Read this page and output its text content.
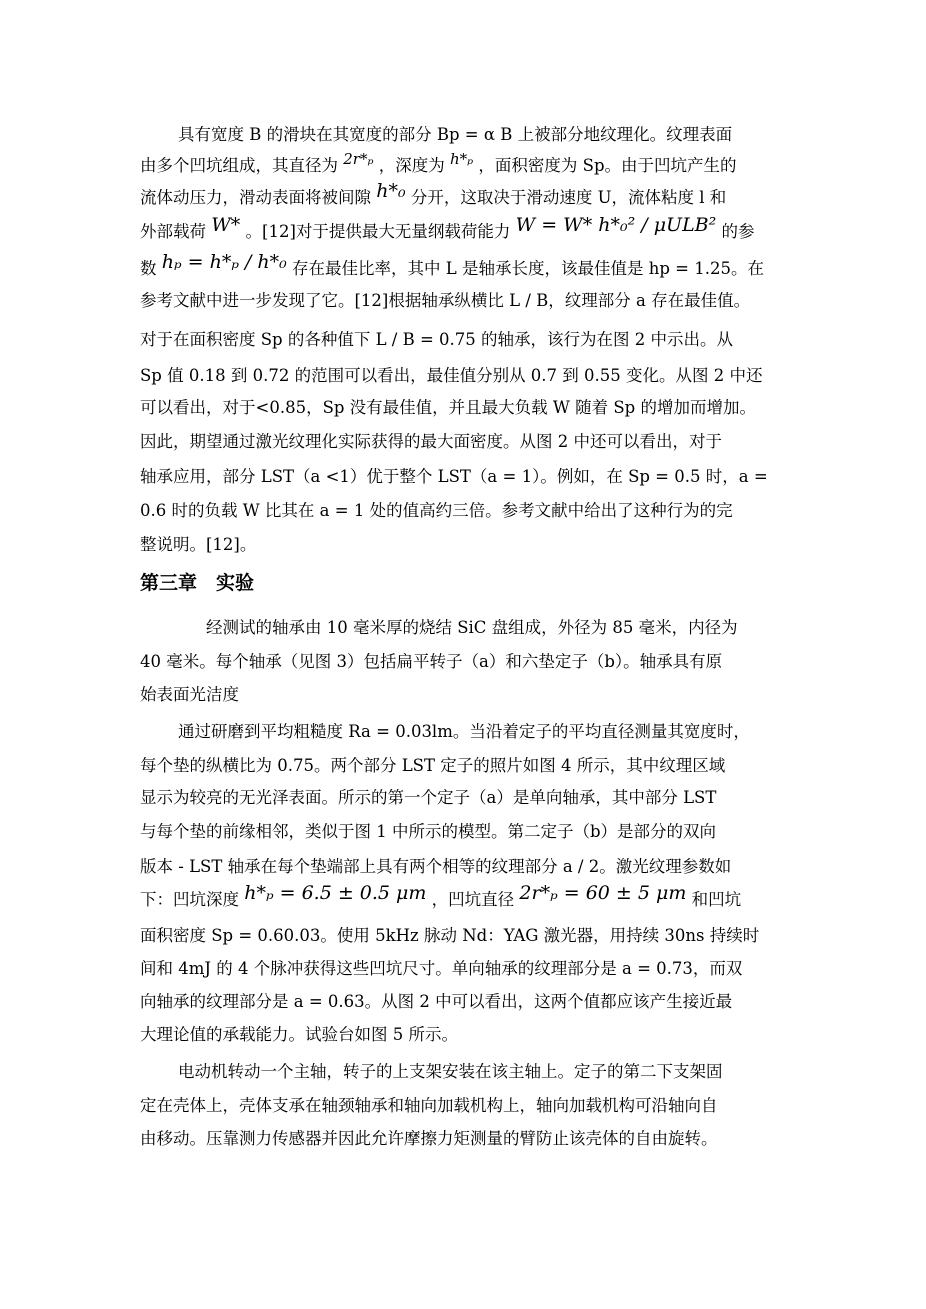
具有宽度 B 的滑块在其宽度的部分 Bp = α B 上被部分地纹理化。纹理表面
由多个凹坑组成，其直径为 2r*ₚ ，深度为 h*ₚ ，面积密度为 Sp。由于凹坑产生的
流体动压力，滑动表面将被间隙 h*₀ 分开，这取决于滑动速度 U，流体粘度 l 和
外部载荷 W* 。[12]对于提供最大无量纲载荷能力 W = W* h*₀² / μULB² 的参
数 hₚ = h*ₚ / h*₀ 存在最佳比率，其中 L 是轴承长度，该最佳值是 hp = 1.25。在
参考文献中进一步发现了它。[12]根据轴承纵横比 L / B，纹理部分 a 存在最佳值。
对于在面积密度 Sp 的各种值下 L / B = 0.75 的轴承，该行为在图 2 中示出。从
Sp 值 0.18 到 0.72 的范围可以看出，最佳值分别从 0.7 到 0.55 变化。从图 2 中还
可以看出，对于<0.85，Sp 没有最佳值，并且最大负载 W 随着 Sp 的增加而增加。
因此，期望通过激光纹理化实际获得的最大面密度。从图 2 中还可以看出，对于
轴承应用，部分 LST（a <1）优于整个 LST（a = 1）。例如，在 Sp = 0.5 时，a =
0.6 时的负载 W 比其在 a = 1 处的值高约三倍。参考文献中给出了这种行为的完
整说明。[12]。
第三章　实验
经测试的轴承由 10 毫米厚的烧结 SiC 盘组成，外径为 85 毫米，内径为
40 毫米。每个轴承（见图 3）包括扁平转子（a）和六垫定子（b）。轴承具有原
始表面光洁度
通过研磨到平均粗糙度 Ra = 0.03lm。当沿着定子的平均直径测量其宽度时，
每个垫的纵横比为 0.75。两个部分 LST 定子的照片如图 4 所示，其中纹理区域
显示为较亮的无光泽表面。所示的第一个定子（a）是单向轴承，其中部分 LST
与每个垫的前缘相邻，类似于图 1 中所示的模型。第二定子（b）是部分的双向
版本 - LST 轴承在每个垫端部上具有两个相等的纹理部分 a / 2。激光纹理参数如
下：凹坑深度 h*ₚ = 6.5 ± 0.5 μm ，凹坑直径 2r*ₚ = 60 ± 5 μm 和凹坑
面积密度 Sp = 0.60.03。使用 5kHz 脉动 Nd：YAG 激光器，用持续 30ns 持续时
间和 4mJ 的 4 个脉冲获得这些凹坑尺寸。单向轴承的纹理部分是 a = 0.73，而双
向轴承的纹理部分是 a = 0.63。从图 2 中可以看出，这两个值都应该产生接近最
大理论值的承载能力。试验台如图 5 所示。
电动机转动一个主轴，转子的上支架安装在该主轴上。定子的第二下支架固
定在壳体上，壳体支承在轴颈轴承和轴向加载机构上，轴向加载机构可沿轴向自
由移动。压靠测力传感器并因此允许摩擦力矩测量的臂防止该壳体的自由旋转。
